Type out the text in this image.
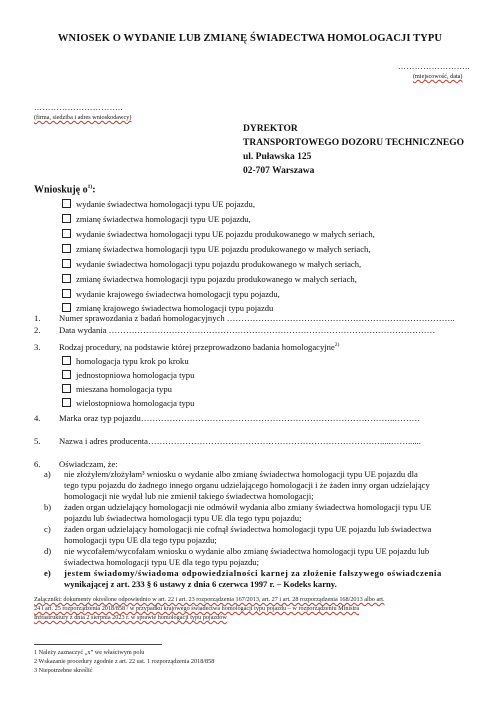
WNIOSEK O WYDANIE LUB ZMIANĘ ŚWIADECTWA HOMOLOGACJI TYPU
……………………..
(miejscowość, data)
…………………………..
(firma, siedziba i adres wnioskodawcy)
DYREKTOR
TRANSPORTOWEGO DOZORU TECHNICZNEGO
ul. Puławska 125
02-707 Warszawa
Wnioskuję $o^{1)}$:
wydanie świadectwa homologacji typu UE pojazdu,
zmianę świadectwa homologacji typu UE pojazdu,
wydanie świadectwa homologacji typu UE pojazdu produkowanego w małych seriach,
zmianę świadectwa homologacji typu UE pojazdu produkowanego w małych seriach,
wydanie świadectwa homologacji typu pojazdu produkowanego w małych seriach,
zmianę świadectwa homologacji typu pojazdu produkowanego w małych seriach,
wydanie krajowego świadectwa homologacji typu pojazdu,
zmianę krajowego świadectwa homologacji typu pojazdu
1. Numer sprawozdania z badań homologacyjnych ……………………………………………………………………..
2. Data wydania ……………………………………………………………………………………………………
3. Rodzaj procedury, na podstawie której przeprowadzono badania homologacyjne$^{2)}$
homologacja typu krok po kroku
jednostopniowa homologacja typu
mieszana homologacja typu
wielostopniowa homologacja typu
4. Marka oraz typ pojazdu……………………………………………………………………………..………
5. Nazwa i adres producenta……………………………………………………………………….....……......
6. Oświadczam, że:
a) nie złożyłem/złożyłam³ wniosku o wydanie albo zmianę świadectwa homologacji typu UE pojazdu dla
tego typu pojazdu do żadnego innego organu udzielającego homologacji i że żaden inny organ udzielający
homologacji nie wydał lub nie zmienił takiego świadectwa homologacji;
b) żaden organ udzielający homologacji nie odmówił wydania albo zmiany świadectwa homologacji typu UE
pojazdu lub świadectwa homologacji typu UE dla tego typu pojazdu;
c) żaden organ udzielający homologacji nie cofnął świadectwa homologacji typu UE pojazdu lub świadectwa
homologacji typu UE dla tego typu pojazdu;
d) nie wycofałem/wycofałam wniosku o wydanie albo zmianę świadectwa homologacji typu UE pojazdu lub
świadectwa homologacji typu UE dla tego typu pojazdu;
e) jestem świadomy/świadoma odpowiedzialności karnej za złożenie fałszywego oświadczenia
wynikającej z art. 233 § 6 ustawy z dnia 6 czerwca 1997 r. – Kodeks karny.
Załączniki: dokumenty określone odpowiednio w art. 22 i art. 23 rozporządzenia 167/2013, art. 27 i art. 28 rozporządzenia 168/2013 albo art.
24 i art. 25 rozporządzenia 2018/858 / w przypadku krajowego świadectwa homologacji typu pojazdu – w rozporządzeniu Ministra
Infrastruktury z dnia 2 sierpnia 2023 r. w sprawie homologacji typu pojazdów
1 Należy zaznaczyć „x” we właściwym polu
2 Wskazanie procedury zgodnie z art. 22 ust. 1 rozporządzenia 2018/858
3 Niepotrzebne skreślić
